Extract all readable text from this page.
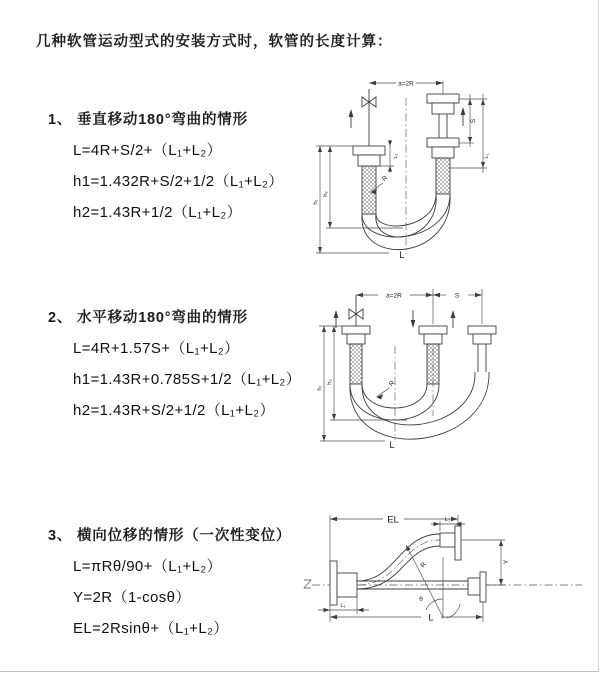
几种软管运动型式的安装方式时，软管的长度计算：
1、 垂直移动180°弯曲的情形
L=4R+S/2+（L₁+L₂）
h1=1.432R+S/2+1/2（L₁+L₂）
h2=1.43R+1/2（L₁+L₂）
2、 水平移动180°弯曲的情形
L=4R+1.57S+（L₁+L₂）
h1=1.43R+0.785S+1/2（L₁+L₂）
h2=1.43R+S/2+1/2（L₁+L₂）
3、 横向位移的情形（一次性变位）
L=πRθ/90+（L₁+L₂）
Y=2R（1-cosθ）
EL=2Rsinθ+（L₁+L₂）
a=2R
L₁
S
L₁
R
L
h₁
h₂
a=2R	S
R
L
h₁
h₂
EL	L₁
Y
R
θ
L₁
L
